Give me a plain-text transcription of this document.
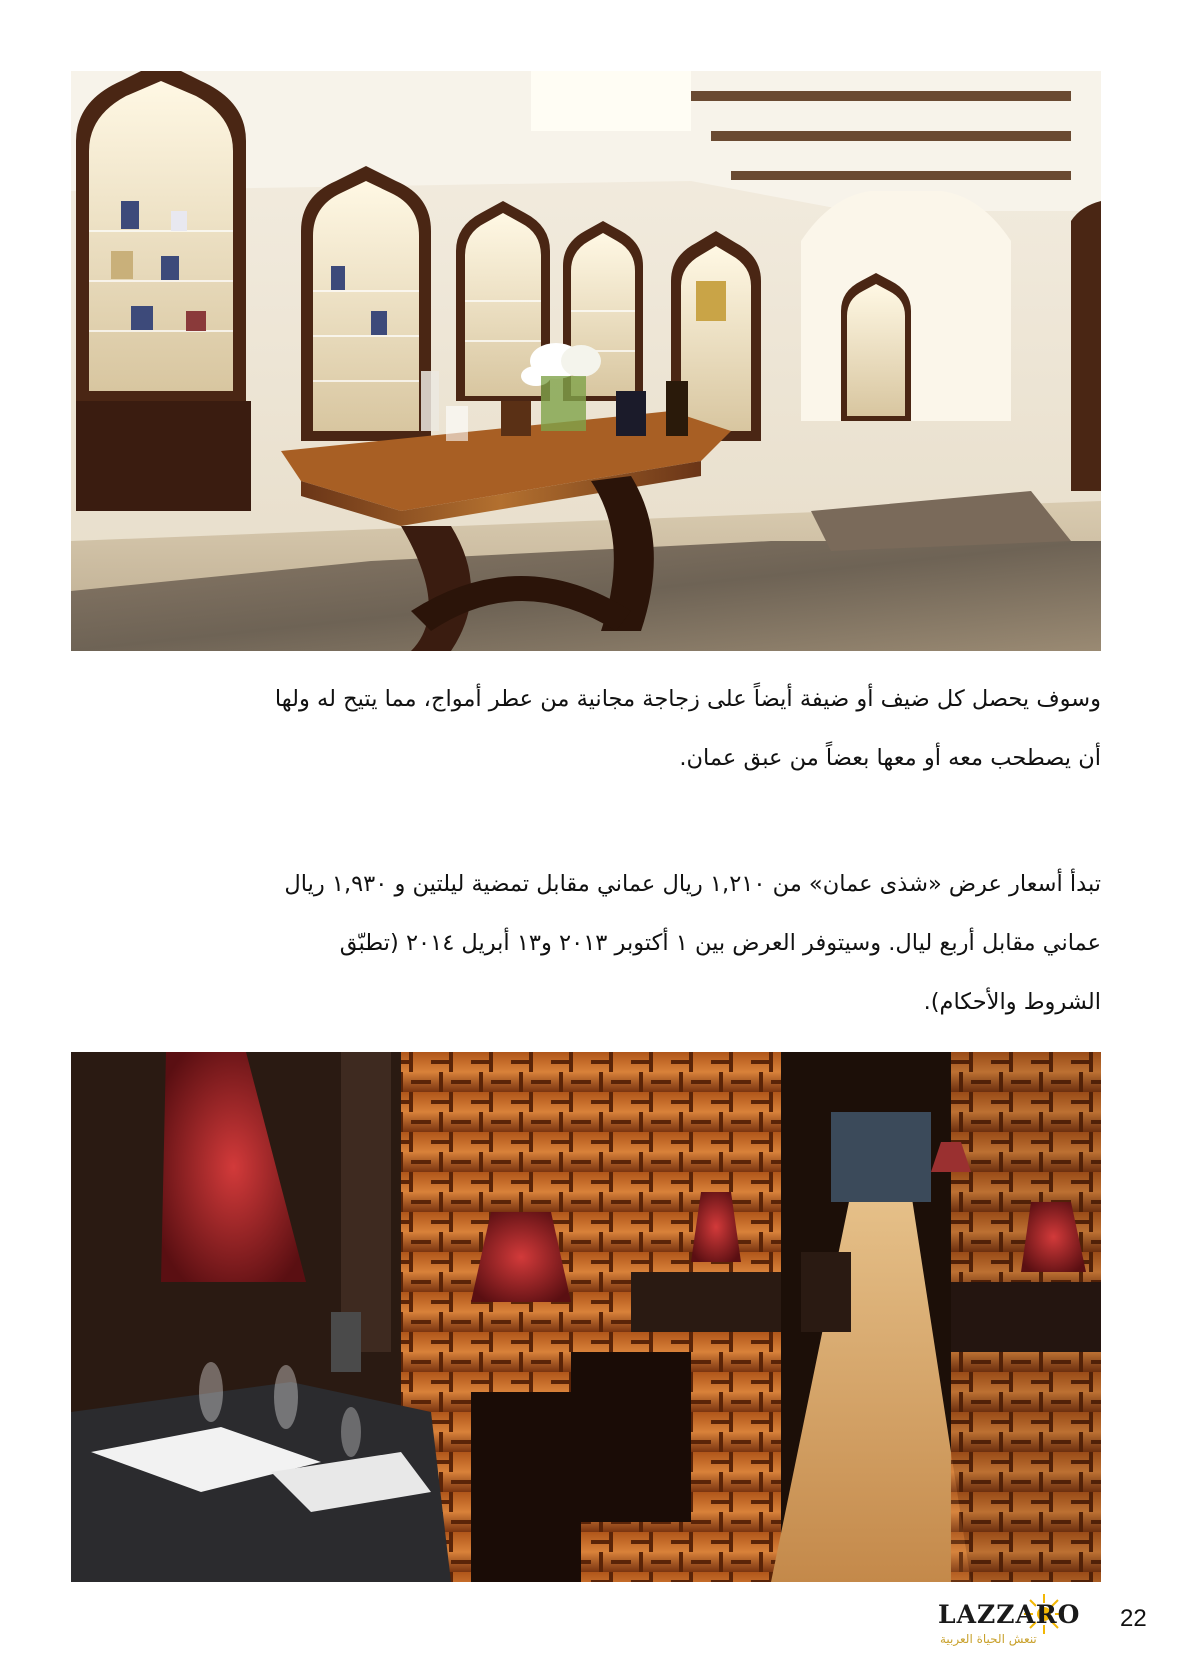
وسوف يحصل كل ضيف أو ضيفة أيضاً على زجاجة مجانية من عطر أمواج، مما يتيح له ولها

أن يصطحب معه أو معها بعضاً من عبق عمان.

تبدأ أسعار عرض «شذى عمان» من ١,٢١٠ ريال عماني مقابل تمضية ليلتين و ١,٩٣٠ ريال

عماني مقابل أربع ليال. وسيتوفر العرض بين ١ أكتوبر ٢٠١٣ و١٣ أبريل ٢٠١٤ (تطبّق

الشروط والأحكام).

LAZZARO
تنعش الحياة العربية
22
